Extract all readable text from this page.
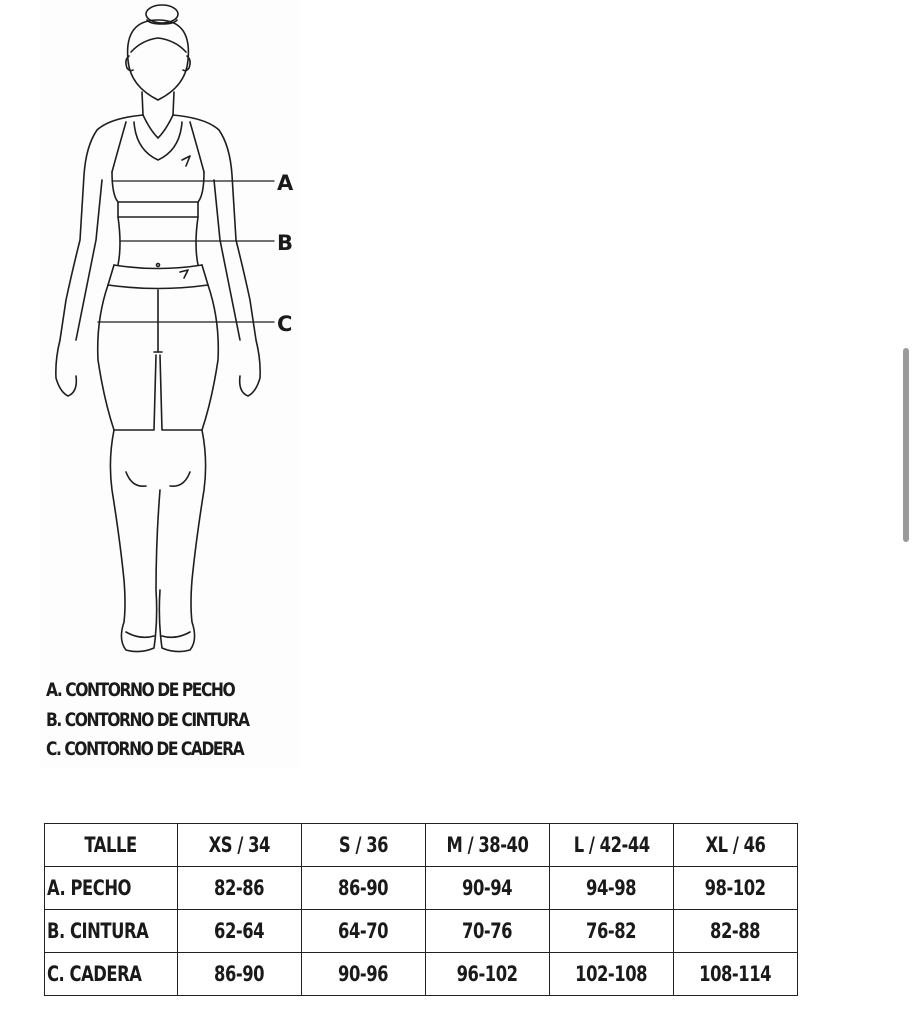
A
B
C
A. CONTORNO DE PECHO
B. CONTORNO DE CINTURA
C. CONTORNO DE CADERA
TALLE	XS / 34	S / 36	M / 38-40	L / 42-44	XL / 46
A. PECHO	82-86	86-90	90-94	94-98	98-102
B. CINTURA	62-64	64-70	70-76	76-82	82-88
C. CADERA	86-90	90-96	96-102	102-108	108-114
